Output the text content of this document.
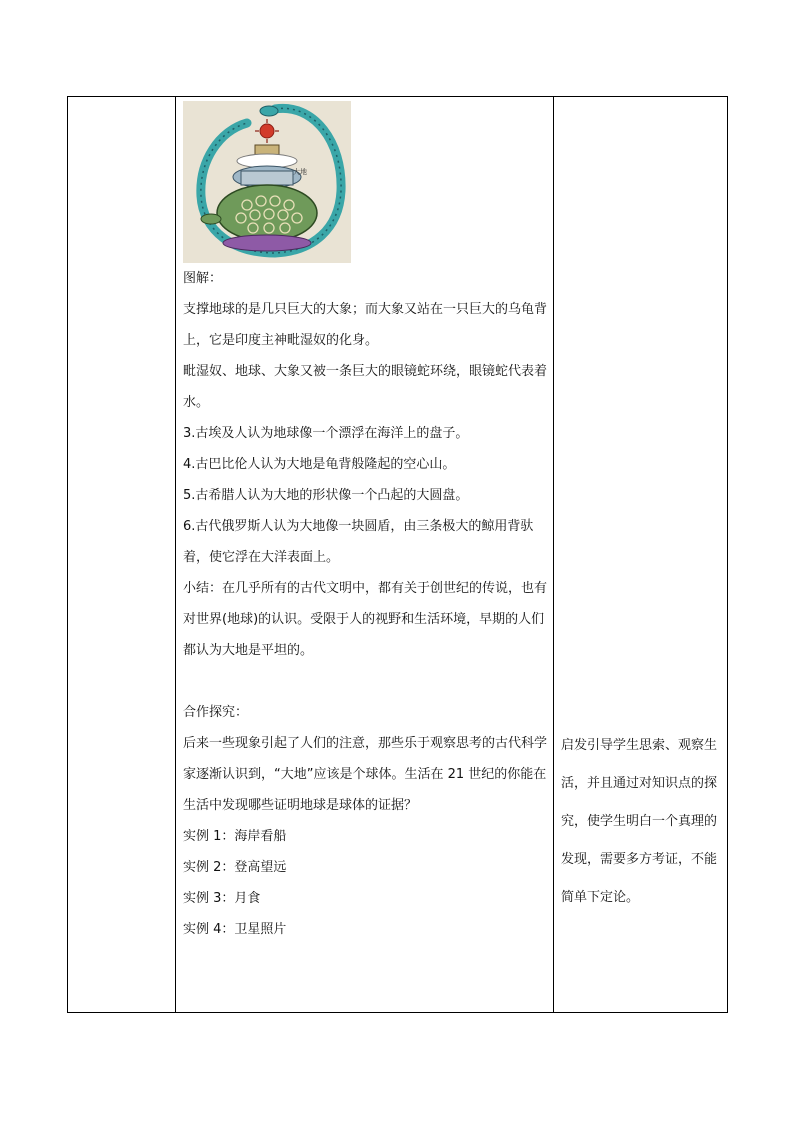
大地

图解：

支撑地球的是几只巨大的大象；而大象又站在一只巨大的乌龟背上，它是印度主神毗湿奴的化身。

毗湿奴、地球、大象又被一条巨大的眼镜蛇环绕，眼镜蛇代表着水。

3.古埃及人认为地球像一个漂浮在海洋上的盘子。

4.古巴比伦人认为大地是龟背般隆起的空心山。

5.古希腊人认为大地的形状像一个凸起的大圆盘。

6.古代俄罗斯人认为大地像一块圆盾，由三条极大的鲸用背驮着，使它浮在大洋表面上。

小结：在几乎所有的古代文明中，都有关于创世纪的传说，也有对世界(地球)的认识。受限于人的视野和生活环境，早期的人们都认为大地是平坦的。

合作探究：

后来一些现象引起了人们的注意，那些乐于观察思考的古代科学家逐渐认识到，“大地”应该是个球体。生活在 21 世纪的你能在生活中发现哪些证明地球是球体的证据？

实例 1：海岸看船

实例 2：登高望远

实例 3：月食

实例 4：卫星照片

启发引导学生思索、观察生活，并且通过对知识点的探究，使学生明白一个真理的发现，需要多方考证，不能简单下定论。
